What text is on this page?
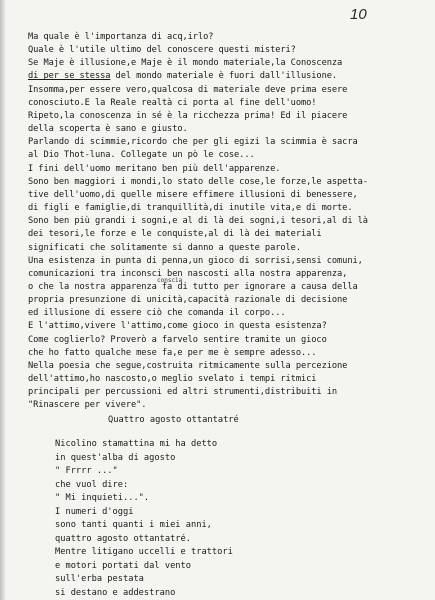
10
Ma quale è l'importanza di acq,irlo?
Quale è l'utile ultimo del conoscere questi misteri?
Se Maje è illusione,e Maje è il mondo materiale,la Conoscenza
di per se stessa del mondo materiale è fuori dall'illusione.
Insomma,per essere vero,qualcosa di materiale deve prima esere
conosciuto.E la Reale realtà ci porta al fine dell'uomo!
Ripeto,la conoscenza in sé è la ricchezza prima! Ed il piacere
della scoperta è sano e giusto.
Parlando di scimmie,ricordo che per gli egizi la scimmia è sacra
al Dio Thot-luna. Collegate un pò le cose...
I fini dell'uomo meritano ben più dell'apparenze.
Sono ben maggiori i mondi,lo stato delle cose,le forze,le aspetta-
tive dell'uomo,di quelle misere effimere illusioni di benessere,
di figli e famiglie,di tranquillità,di inutile vita,e di morte.
Sono ben più grandi i sogni,e al di là dei sogni,i tesori,al di là
dei tesori,le forze e le conquiste,al di là dei materiali
significati che solitamente si danno a queste parole.
Una esistenza in punta di penna,un gioco di sorrisi,sensi comuni,
comunicazioni tra inconsci ben nascosti alla nostra apparenza,
o che la nostra apparenza fa di tutto per ignorare a causa della
propria presunzione di unicità,capacità razionale di decisione
ed illusione di essere ciò che comanda il corpo...
E l'attimo,vivere l'attimo,come gioco in questa esistenza?
Come coglierlo? Proverò a farvelo sentire tramite un gioco
che ho fatto qualche mese fa,e per me è sempre adesso...
Nella poesia che segue,costruita ritmicamente sulla percezione
dell'attimo,ho nascosto,o meglio svelato i tempi ritmici
principali per percussioni ed altri strumenti,distribuiti in
"Rinascere per vivere".
conscia
Quattro agosto ottantatré
Nicolino stamattina mi ha detto
in quest'alba di agosto
" Frrrr ..."
che vuol dire:
" Mi inquieti...".
I numeri d'oggi
sono tanti quanti i miei anni,
quattro agosto ottantatré.
Mentre litigano uccelli e trattori
e motori portati dal vento
sull'erba pestata
si destano e addestrano
